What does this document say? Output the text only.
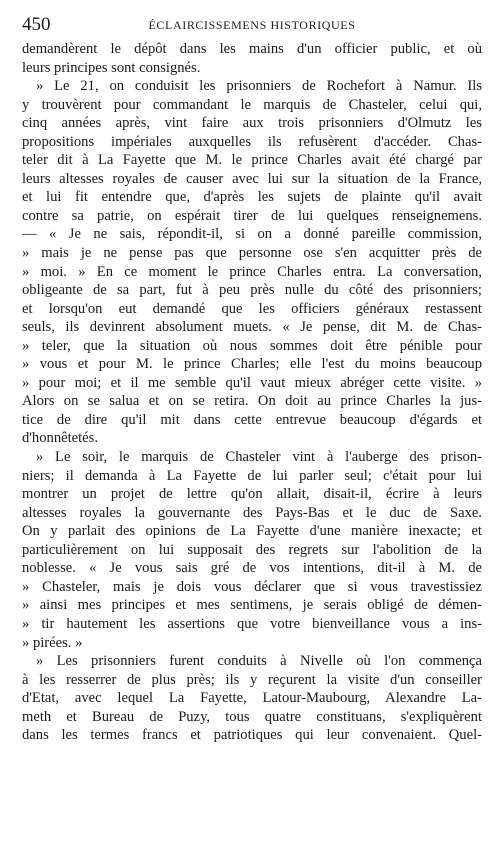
450	ÉCLAIRCISSEMENS HISTORIQUES
demandèrent le dépôt dans les mains d'un officier public, et où
leurs principes sont consignés.
» Le 21, on conduisit les prisonniers de Rochefort à Namur. Ils
y trouvèrent pour commandant le marquis de Chasteler, celui qui,
cinq années après, vint faire aux trois prisonniers d'Olmutz les
propositions impériales auxquelles ils refusèrent d'accéder. Chas-
teler dit à La Fayette que M. le prince Charles avait été chargé par
leurs altesses royales de causer avec lui sur la situation de la France,
et lui fit entendre que, d'après les sujets de plainte qu'il avait
contre sa patrie, on espérait tirer de lui quelques renseignemens.
— « Je ne sais, répondit-il, si on a donné pareille commission,
» mais je ne pense pas que personne ose s'en acquitter près de
» moi. » En ce moment le prince Charles entra. La conversation,
obligeante de sa part, fut à peu près nulle du côté des prisonniers;
et lorsqu'on eut demandé que les officiers généraux restassent
seuls, ils devinrent absolument muets. « Je pense, dit M. de Chas-
» teler, que la situation où nous sommes doit être pénible pour
» vous et pour M. le prince Charles; elle l'est du moins beaucoup
» pour moi; et il me semble qu'il vaut mieux abréger cette visite. »
Alors on se salua et on se retira. On doit au prince Charles la jus-
tice de dire qu'il mit dans cette entrevue beaucoup d'égards et
d'honnêtetés.
» Le soir, le marquis de Chasteler vint à l'auberge des prison-
niers; il demanda à La Fayette de lui parler seul; c'était pour lui
montrer un projet de lettre qu'on allait, disait-il, écrire à leurs
altesses royales la gouvernante des Pays-Bas et le duc de Saxe.
On y parlait des opinions de La Fayette d'une manière inexacte; et
particulièrement on lui supposait des regrets sur l'abolition de la
noblesse. « Je vous sais gré de vos intentions, dit-il à M. de
» Chasteler, mais je dois vous déclarer que si vous travestissiez
» ainsi mes principes et mes sentimens, je serais obligé de démen-
» tir hautement les assertions que votre bienveillance vous a ins-
» pirées. »
» Les prisonniers furent conduits à Nivelle où l'on commença
à les resserrer de plus près; ils y reçurent la visite d'un conseiller
d'Etat, avec lequel La Fayette, Latour-Maubourg, Alexandre La-
meth et Bureau de Puzy, tous quatre constituans, s'expliquèrent
dans les termes francs et patriotiques qui leur convenaient. Quel-
